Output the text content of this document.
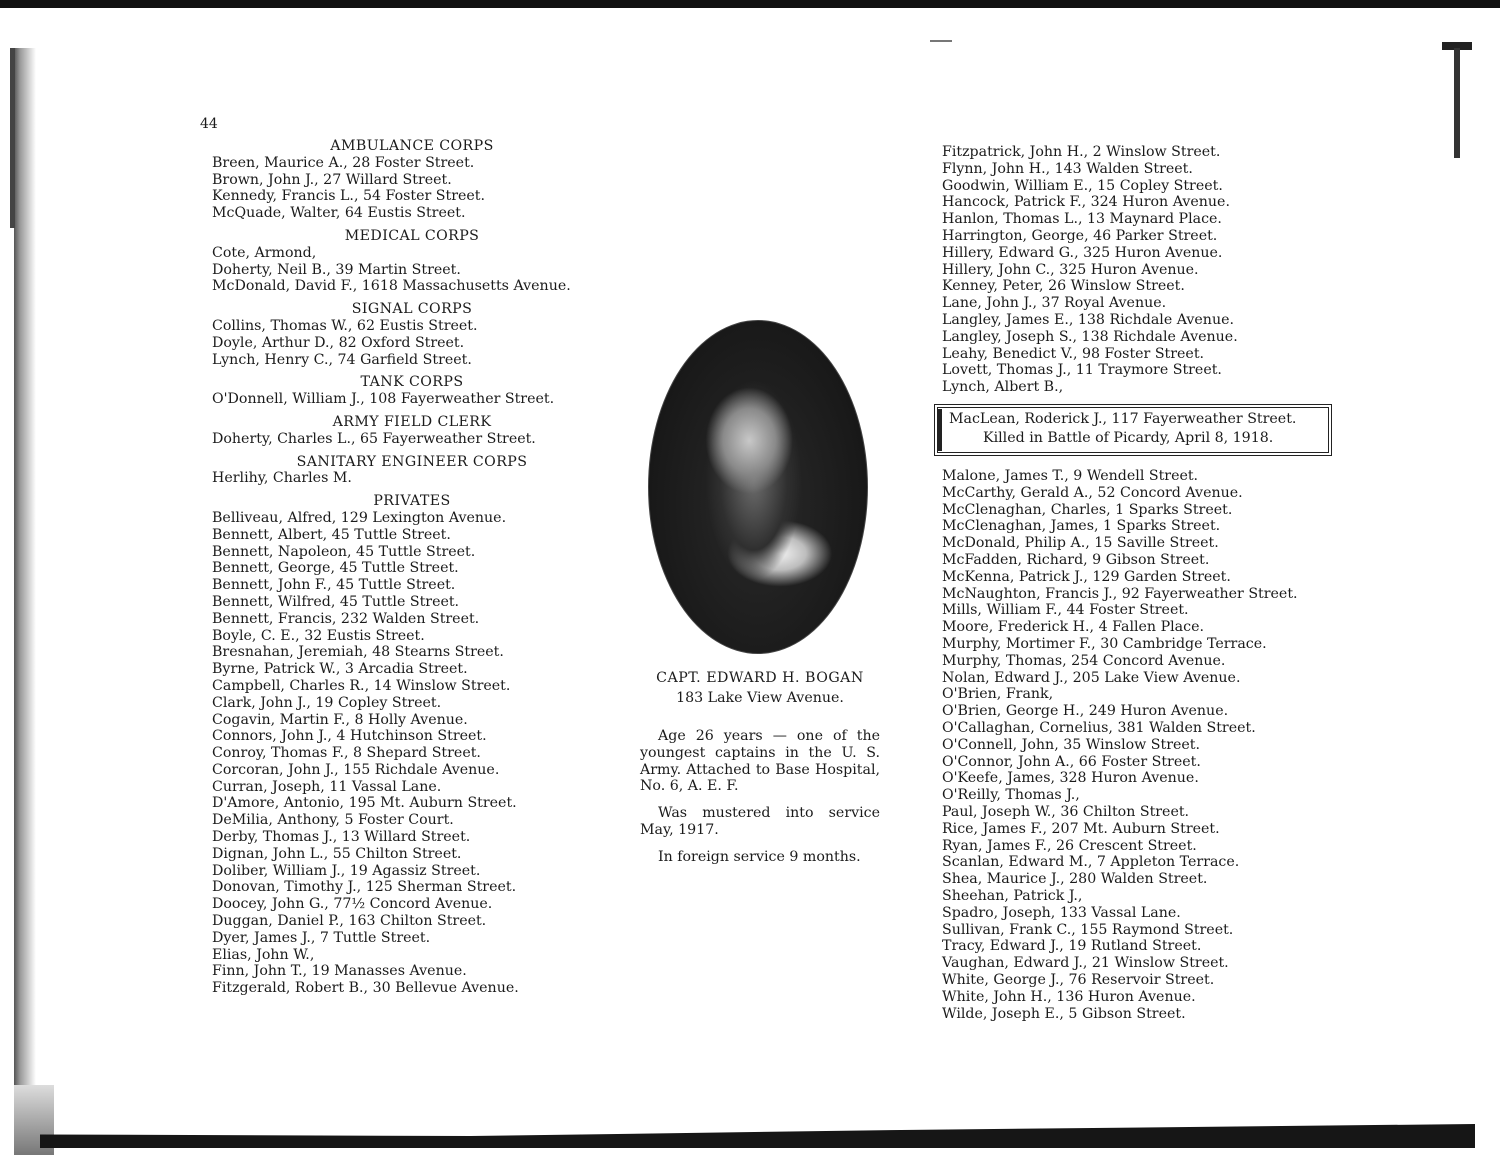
44
AMBULANCE CORPS
Breen, Maurice A., 28 Foster Street.
Brown, John J., 27 Willard Street.
Kennedy, Francis L., 54 Foster Street.
McQuade, Walter, 64 Eustis Street.
MEDICAL CORPS
Cote, Armond,
Doherty, Neil B., 39 Martin Street.
McDonald, David F., 1618 Massachusetts Avenue.
SIGNAL CORPS
Collins, Thomas W., 62 Eustis Street.
Doyle, Arthur D., 82 Oxford Street.
Lynch, Henry C., 74 Garfield Street.
TANK CORPS
O'Donnell, William J., 108 Fayerweather Street.
ARMY FIELD CLERK
Doherty, Charles L., 65 Fayerweather Street.
SANITARY ENGINEER CORPS
Herlihy, Charles M.
PRIVATES
Belliveau, Alfred, 129 Lexington Avenue.
Bennett, Albert, 45 Tuttle Street.
Bennett, Napoleon, 45 Tuttle Street.
Bennett, George, 45 Tuttle Street.
Bennett, John F., 45 Tuttle Street.
Bennett, Wilfred, 45 Tuttle Street.
Bennett, Francis, 232 Walden Street.
Boyle, C. E., 32 Eustis Street.
Bresnahan, Jeremiah, 48 Stearns Street.
Byrne, Patrick W., 3 Arcadia Street.
Campbell, Charles R., 14 Winslow Street.
Clark, John J., 19 Copley Street.
Cogavin, Martin F., 8 Holly Avenue.
Connors, John J., 4 Hutchinson Street.
Conroy, Thomas F., 8 Shepard Street.
Corcoran, John J., 155 Richdale Avenue.
Curran, Joseph, 11 Vassal Lane.
D'Amore, Antonio, 195 Mt. Auburn Street.
DeMilia, Anthony, 5 Foster Court.
Derby, Thomas J., 13 Willard Street.
Dignan, John L., 55 Chilton Street.
Doliber, William J., 19 Agassiz Street.
Donovan, Timothy J., 125 Sherman Street.
Doocey, John G., 77½ Concord Avenue.
Duggan, Daniel P., 163 Chilton Street.
Dyer, James J., 7 Tuttle Street.
Elias, John W.,
Finn, John T., 19 Manasses Avenue.
Fitzgerald, Robert B., 30 Bellevue Avenue.
CAPT. EDWARD H. BOGAN
183 Lake View Avenue.

Age 26 years — one of the youngest captains in the U. S. Army. Attached to Base Hospital, No. 6, A. E. F.

Was mustered into service May, 1917.

In foreign service 9 months.

Fitzpatrick, John H., 2 Winslow Street.
Flynn, John H., 143 Walden Street.
Goodwin, William E., 15 Copley Street.
Hancock, Patrick F., 324 Huron Avenue.
Hanlon, Thomas L., 13 Maynard Place.
Harrington, George, 46 Parker Street.
Hillery, Edward G., 325 Huron Avenue.
Hillery, John C., 325 Huron Avenue.
Kenney, Peter, 26 Winslow Street.
Lane, John J., 37 Royal Avenue.
Langley, James E., 138 Richdale Avenue.
Langley, Joseph S., 138 Richdale Avenue.
Leahy, Benedict V., 98 Foster Street.
Lovett, Thomas J., 11 Traymore Street.
Lynch, Albert B.,
MacLean, Roderick J., 117 Fayerweather Street.
Killed in Battle of Picardy, April 8, 1918.
Malone, James T., 9 Wendell Street.
McCarthy, Gerald A., 52 Concord Avenue.
McClenaghan, Charles, 1 Sparks Street.
McClenaghan, James, 1 Sparks Street.
McDonald, Philip A., 15 Saville Street.
McFadden, Richard, 9 Gibson Street.
McKenna, Patrick J., 129 Garden Street.
McNaughton, Francis J., 92 Fayerweather Street.
Mills, William F., 44 Foster Street.
Moore, Frederick H., 4 Fallen Place.
Murphy, Mortimer F., 30 Cambridge Terrace.
Murphy, Thomas, 254 Concord Avenue.
Nolan, Edward J., 205 Lake View Avenue.
O'Brien, Frank,
O'Brien, George H., 249 Huron Avenue.
O'Callaghan, Cornelius, 381 Walden Street.
O'Connell, John, 35 Winslow Street.
O'Connor, John A., 66 Foster Street.
O'Keefe, James, 328 Huron Avenue.
O'Reilly, Thomas J.,
Paul, Joseph W., 36 Chilton Street.
Rice, James F., 207 Mt. Auburn Street.
Ryan, James F., 26 Crescent Street.
Scanlan, Edward M., 7 Appleton Terrace.
Shea, Maurice J., 280 Walden Street.
Sheehan, Patrick J.,
Spadro, Joseph, 133 Vassal Lane.
Sullivan, Frank C., 155 Raymond Street.
Tracy, Edward J., 19 Rutland Street.
Vaughan, Edward J., 21 Winslow Street.
White, George J., 76 Reservoir Street.
White, John H., 136 Huron Avenue.
Wilde, Joseph E., 5 Gibson Street.
